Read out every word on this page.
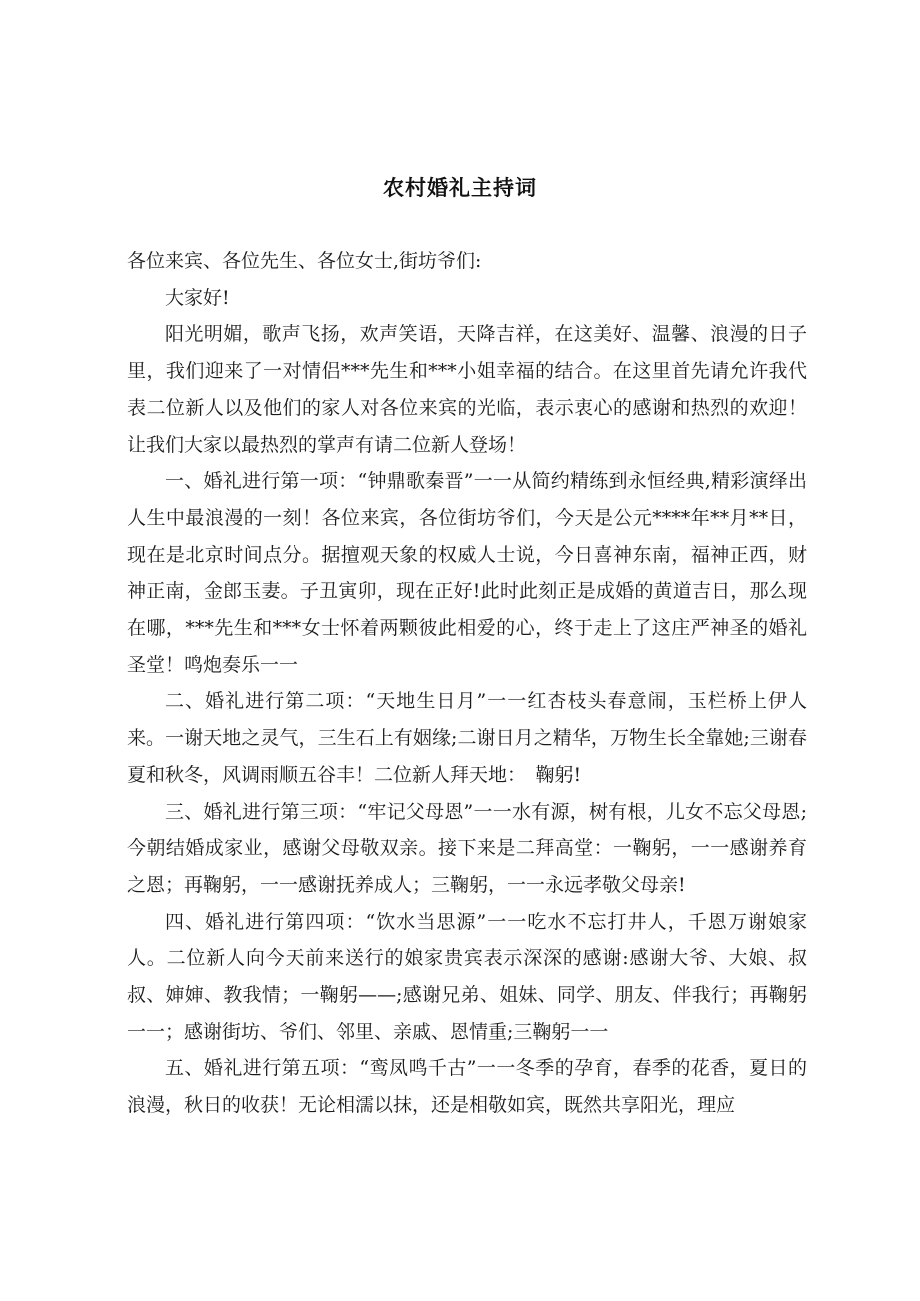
农村婚礼主持词

各位来宾、各位先生、各位女士,街坊爷们:

大家好!

阳光明媚，歌声飞扬，欢声笑语，天降吉祥，在这美好、温馨、浪漫的日子里，我们迎来了一对情侣***先生和***小姐幸福的结合。在这里首先请允许我代表二位新人以及他们的家人对各位来宾的光临，表示衷心的感谢和热烈的欢迎！让我们大家以最热烈的掌声有请二位新人登场！

一、婚礼进行第一项：“钟鼎歌秦晋”一一从简约精练到永恒经典,精彩演绎出人生中最浪漫的一刻！各位来宾，各位街坊爷们，今天是公元****年**月**日，现在是北京时间点分。据擅观天象的权威人士说，今日喜神东南，福神正西，财神正南，金郎玉妻。子丑寅卯，现在正好!此时此刻正是成婚的黄道吉日，那么现在哪，***先生和***女士怀着两颗彼此相爱的心，终于走上了这庄严神圣的婚礼圣堂！鸣炮奏乐一一

二、婚礼进行第二项：“天地生日月”一一红杏枝头春意闹，玉栏桥上伊人来。一谢天地之灵气，三生石上有姻缘;二谢日月之精华，万物生长全靠她;三谢春夏和秋冬，风调雨顺五谷丰！二位新人拜天地：　鞠躬!

三、婚礼进行第三项：“牢记父母恩”一一水有源，树有根，儿女不忘父母恩;今朝结婚成家业，感谢父母敬双亲。接下来是二拜高堂：一鞠躬，一一感谢养育之恩；再鞠躬，一一感谢抚养成人；三鞠躬，一一永远孝敬父母亲!

四、婚礼进行第四项：“饮水当思源”一一吃水不忘打井人，千恩万谢娘家人。二位新人向今天前来送行的娘家贵宾表示深深的感谢:感谢大爷、大娘、叔叔、婶婶、教我情；一鞠躬——;感谢兄弟、姐妹、同学、朋友、伴我行；再鞠躬一一；感谢街坊、爷们、邻里、亲戚、恩情重;三鞠躬一一

五、婚礼进行第五项：“鸾凤鸣千古”一一冬季的孕育，春季的花香，夏日的浪漫，秋日的收获！无论相濡以抹，还是相敬如宾，既然共享阳光，理应
